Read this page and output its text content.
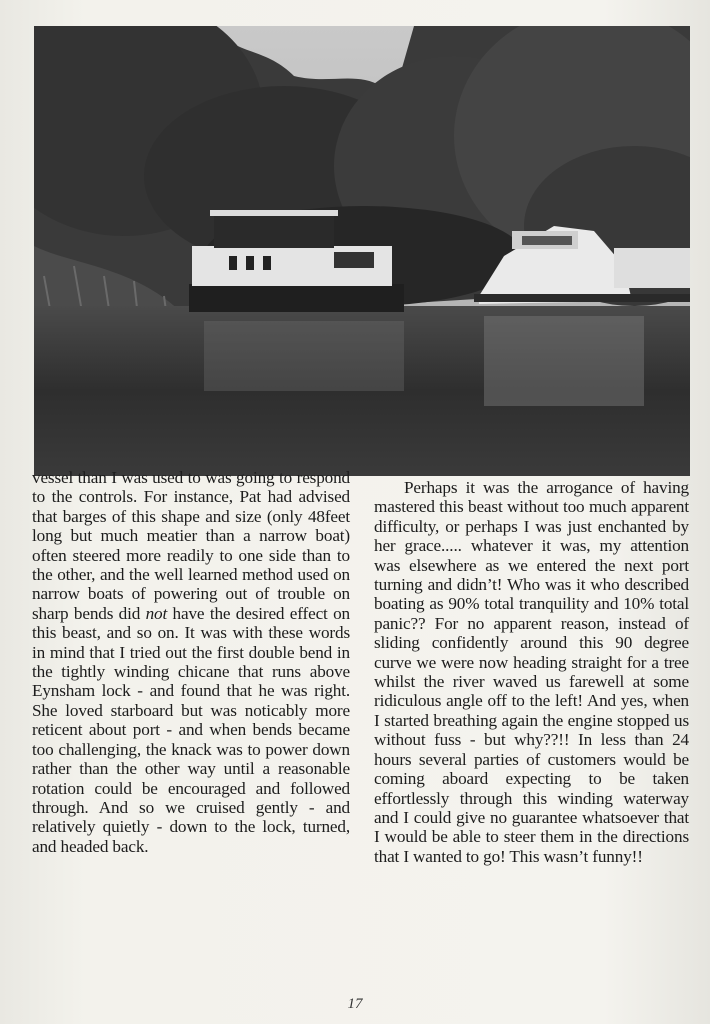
vessel than I was used to was going to respond to the controls. For instance, Pat had advised that barges of this shape and size (only 48feet long but much meatier than a narrow boat) often steered more readily to one side than to the other, and the well learned method used on narrow boats of powering out of trouble on sharp bends did not have the desired effect on this beast, and so on. It was with these words in mind that I tried out the first double bend in the tightly winding chicane that runs above Eynsham lock - and found that he was right. She loved starboard but was noticably more reticent about port - and when bends became too challenging, the knack was to power down rather than the other way until a reasonable rotation could be encouraged and followed through. And so we cruised gently - and relatively quietly - down to the lock, turned, and headed back.

Perhaps it was the arrogance of having mastered this beast without too much apparent difficulty, or perhaps I was just enchanted by her grace..... whatever it was, my attention was elsewhere as we entered the next port turning and didn’t! Who was it who described boating as 90% total tranquility and 10% total panic?? For no apparent reason, instead of sliding confidently around this 90 degree curve we were now heading straight for a tree whilst the river waved us farewell at some ridiculous angle off to the left! And yes, when I started breathing again the engine stopped us without fuss - but why??!! In less than 24 hours several parties of customers would be coming aboard expecting to be taken effortlessly through this winding waterway and I could give no guarantee whatsoever that I would be able to steer them in the directions that I wanted to go! This wasn’t funny!!

17
